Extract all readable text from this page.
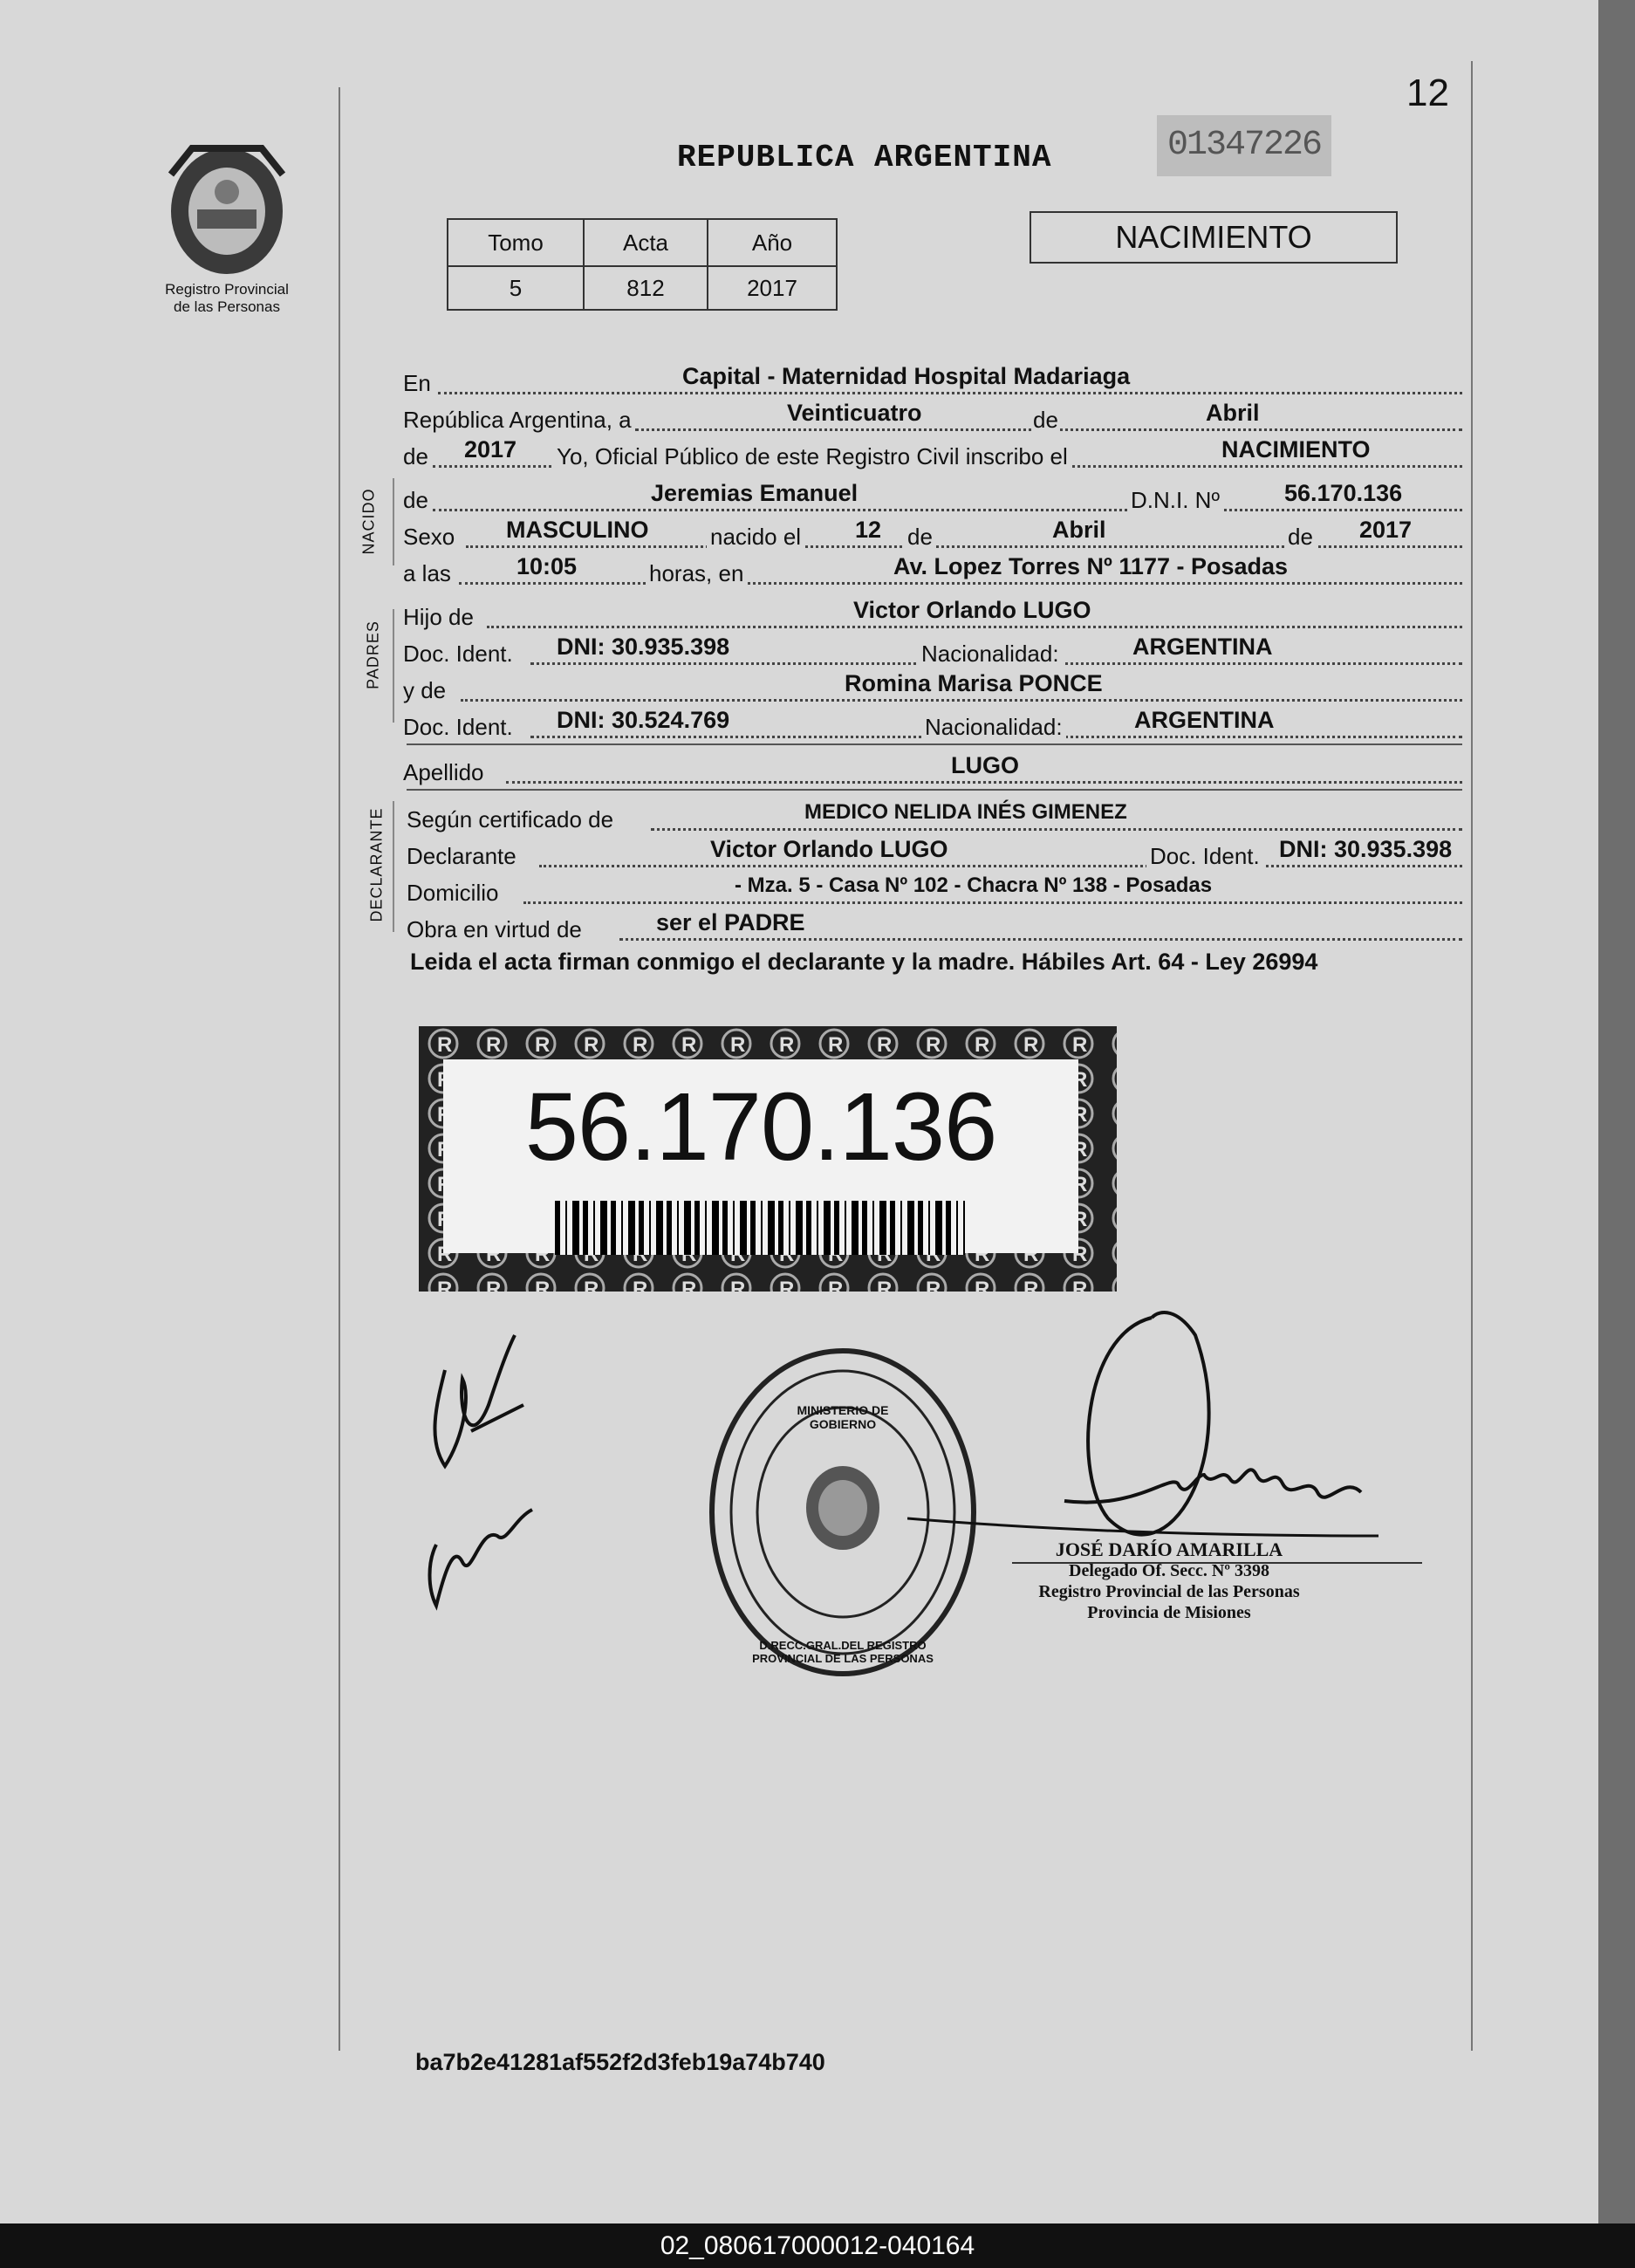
12
Registro Provincial
de las Personas
REPUBLICA ARGENTINA	01347226
Tomo	Acta	Año
5	812	2017
NACIMIENTO
En	Capital - Maternidad Hospital Madariaga
República Argentina, a	Veinticuatro	de	Abril
de 2017 Yo, Oficial Público de este Registro Civil inscribo el	NACIMIENTO
NACIDO de	Jeremias Emanuel	D.N.I. Nº	56.170.136
Sexo MASCULINO	nacido el 12 de	Abril	de 2017
a las	10:05	horas, en	Av. Lopez Torres Nº 1177 - Posadas
PADRES
Hijo de	Victor Orlando LUGO
Doc. Ident. DNI: 30.935.398	Nacionalidad:	ARGENTINA
y de	Romina Marisa PONCE
Doc. Ident. DNI: 30.524.769	Nacionalidad:	ARGENTINA
Apellido	LUGO
DECLARANTE Según certificado de	MEDICO NELIDA INÉS GIMENEZ
Declarante	Victor Orlando LUGO	Doc. Ident. DNI: 30.935.398
Domicilio	- Mza. 5 - Casa Nº 102 - Chacra Nº 138 - Posadas
Obra en virtud de	ser el PADRE
Leida el acta firman conmigo el declarante y la madre. Hábiles Art. 64 - Ley 26994
56.170.136
D.RECC.GRAL.DEL REGISTRO PROVINCIAL DE LAS PERSONAS
MINISTERIO DE GOBIERNO
JOSÉ DARÍO AMARILLA
Delegado Of. Secc. Nº 3398
Registro Provincial de las Personas
Provincia de Misiones
ba7b2e41281af552f2d3feb19a74b740
02_080617000012-040164
